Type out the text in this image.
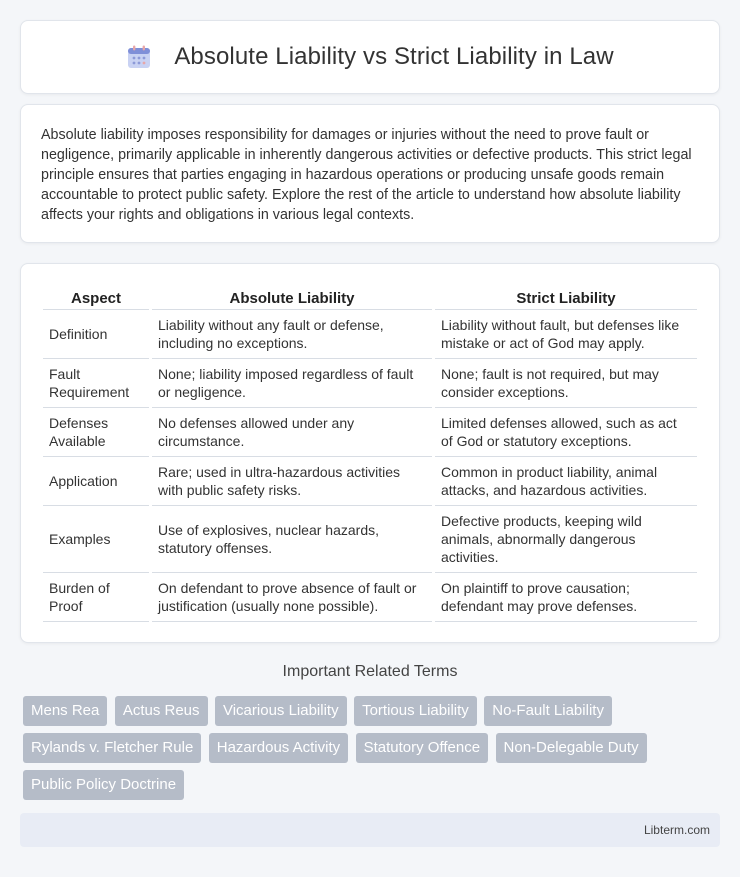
Absolute Liability vs Strict Liability in Law

Absolute liability imposes responsibility for damages or injuries without the need to prove fault or negligence, primarily applicable in inherently dangerous activities or defective products. This strict legal principle ensures that parties engaging in hazardous operations or producing unsafe goods remain accountable to protect public safety. Explore the rest of the article to understand how absolute liability affects your rights and obligations in various legal contexts.

Aspect	Absolute Liability	Strict Liability
Definition	Liability without any fault or defense, including no exceptions.	Liability without fault, but defenses like mistake or act of God may apply.
Fault Requirement	None; liability imposed regardless of fault or negligence.	None; fault is not required, but may consider exceptions.
Defenses Available	No defenses allowed under any circumstance.	Limited defenses allowed, such as act of God or statutory exceptions.
Application	Rare; used in ultra-hazardous activities with public safety risks.	Common in product liability, animal attacks, and hazardous activities.
Examples	Use of explosives, nuclear hazards, statutory offenses.	Defective products, keeping wild animals, abnormally dangerous activities.
Burden of Proof	On defendant to prove absence of fault or justification (usually none possible).	On plaintiff to prove causation; defendant may prove defenses.
Important Related Terms
Mens Rea Actus Reus Vicarious Liability Tortious Liability No-Fault Liability Rylands v. Fletcher Rule Hazardous Activity Statutory Offence Non-Delegable Duty Public Policy Doctrine
Libterm.com
